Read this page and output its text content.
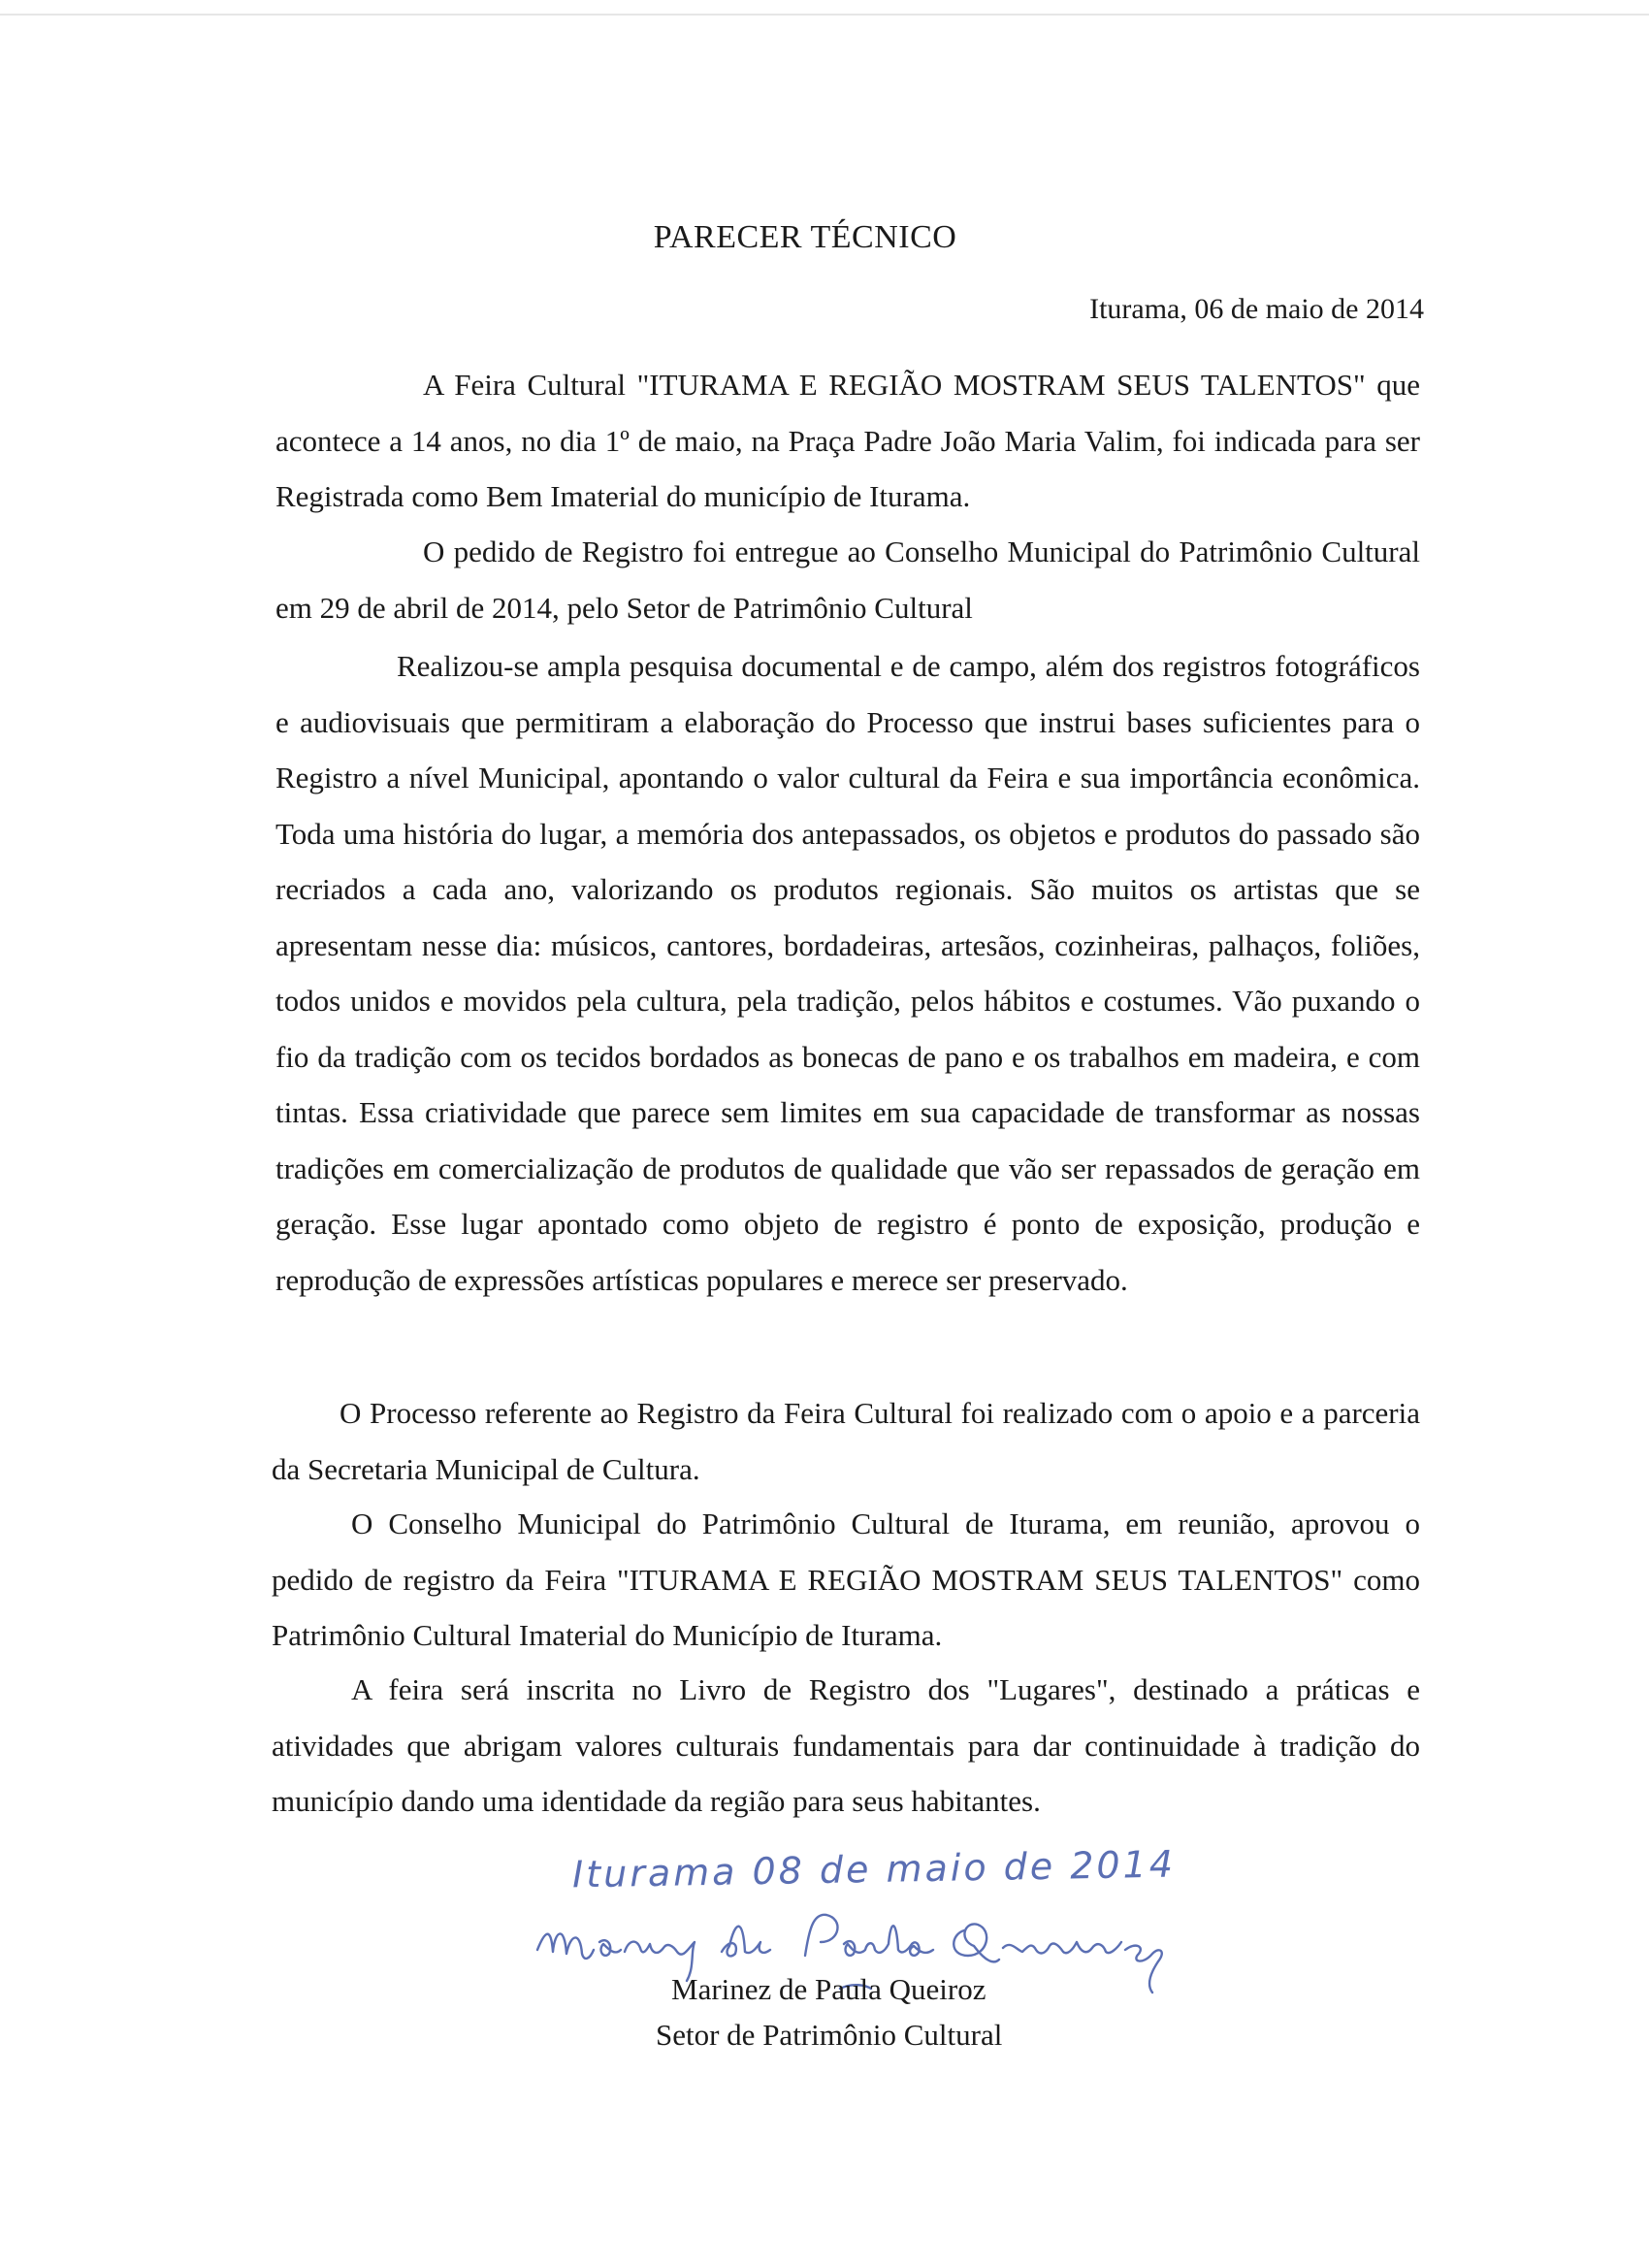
PARECER TÉCNICO
Iturama, 06 de maio de 2014

A Feira Cultural "ITURAMA E REGIÃO MOSTRAM SEUS TALENTOS" que acontece a 14 anos, no dia 1º de maio, na Praça Padre João Maria Valim, foi indicada para ser Registrada como Bem Imaterial do município de Iturama.

O pedido de Registro foi entregue ao Conselho Municipal do Patrimônio Cultural em 29 de abril de 2014, pelo Setor de Patrimônio Cultural

Realizou-se ampla pesquisa documental e de campo, além dos registros fotográficos e audiovisuais que permitiram a elaboração do Processo que instrui bases suficientes para o Registro a nível Municipal, apontando o valor cultural da Feira e sua importância econômica. Toda uma história do lugar, a memória dos antepassados, os objetos e produtos do passado são recriados a cada ano, valorizando os produtos regionais. São muitos os artistas que se apresentam nesse dia: músicos, cantores, bordadeiras, artesãos, cozinheiras, palhaços, foliões, todos unidos e movidos pela cultura, pela tradição, pelos hábitos e costumes. Vão puxando o fio da tradição com os tecidos bordados as bonecas de pano e os trabalhos em madeira, e com tintas. Essa criatividade que parece sem limites em sua capacidade de transformar as nossas tradições em comercialização de produtos de qualidade que vão ser repassados de geração em geração. Esse lugar apontado como objeto de registro é ponto de exposição, produção e reprodução de expressões artísticas populares e merece ser preservado.

O Processo referente ao Registro da Feira Cultural foi realizado com o apoio e a parceria da Secretaria Municipal de Cultura.

O Conselho Municipal do Patrimônio Cultural de Iturama, em reunião, aprovou o pedido de registro da Feira "ITURAMA E REGIÃO MOSTRAM SEUS TALENTOS" como Patrimônio Cultural Imaterial do Município de Iturama.

A feira será inscrita no Livro de Registro dos "Lugares", destinado a práticas e atividades que abrigam valores culturais fundamentais para dar continuidade à tradição do município dando uma identidade da região para seus habitantes.

Iturama 08 de maio de 2014
Marinez de Paula Queiroz
Setor de Patrimônio Cultural
